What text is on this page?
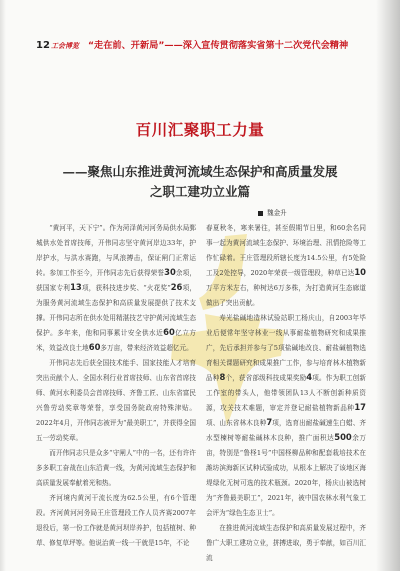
12 工会博览 “走在前、开新局”——深入宣传贯彻落实省第十二次党代会精神
百川汇聚职工力量
——聚焦山东推进黄河流域生态保护和高质量发展
之职工建功立业篇
魏金升

“黄河平，天下宁”。作为菏泽黄河河务局供水局鄄城供水处首席技师，开伟同志坚守黄河岸边33年，护岸护水，与洪水赛跑，与风浪搏击，保证闸门正常运转。参加工作至今，开伟同志先后获得荣誉30余项，获国家专利13项，获科技进步奖、“火花奖”26项，为服务黄河流域生态保护和高质量发展提供了技术支撑。开伟同志所在供水处用精湛技艺守护黄河流域生态保护。多年来，他和同事累计安全供水近60亿立方米，效益改良土地60多万亩，带来经济效益超亿元。

开伟同志先后获全国技术能手、国家技能人才培育突出贡献个人、全国水利行业首席技师、山东省首席技师、黄河水利委员会首席技师、齐鲁工匠、山东省富民兴鲁劳动奖章等荣誉，享受国务院政府特殊津贴。2022年4月，开伟同志被评为“最美职工”，并获得全国五一劳动奖章。

而开伟同志只是众多“守闸人”中的一名，还有许许多多职工奋战在山东沿黄一线，为黄河流域生态保护和高质量发展奉献着光和热。

齐河境内黄河干流长度为62.5公里，有6个管理段。齐河黄河河务局王庄管理段工作人员齐赛2007年退役后，第一份工作就是黄河坝岸养护，包括植树、种草、修复草坪等。他说治黄一线一干就是15年，不论

春夏秋冬，寒来暑往，甚至假期节日里，和60余名同事一起为黄河流域生态保护、环境治理、汛情抢险等工作忙碌着。王庄管理段所辖长度为14.5公里，有5处险工及2处控导，2020年荣获一级管理段，种草已达10万平方米左右，种树达6万多株，为打造黄河生态廊道做出了突出贡献。

寿光盐碱地造林试验站职工杨庆山，自2003年毕业后便常年坚守林业一线从事耐盐植物研究和成果推广，先后承担并参与了5项盐碱地改良、耐盐碱植物选育相关课题研究和成果推广工作，参与培育林木植物新品种8个，获省部级科技成果奖励4项。作为职工创新工作室的带头人，他带领团队13人不断创新种质资源，攻关技术难题，审定并登记耐盐植物新品种17项、山东省林木良种7项，选育出耐盐碱速生白蜡、齐水型楝树等耐盐碱林木良种，推广面积达500余万亩，特别是“鲁柽1号”中国柽柳品种和配套栽培技术在潍坊滨海新区试种试验成功，从根本上解决了该地区海堤绿化无树可选的技术瓶颈。2020年，杨庆山被选树为“齐鲁最美职工”，2021年，被中国农林水利气象工会评为“绿色生态卫士”。

在推进黄河流域生态保护和高质量发展过程中，齐鲁广大职工建功立业，拼搏进取，勇于奉献，如百川汇流
